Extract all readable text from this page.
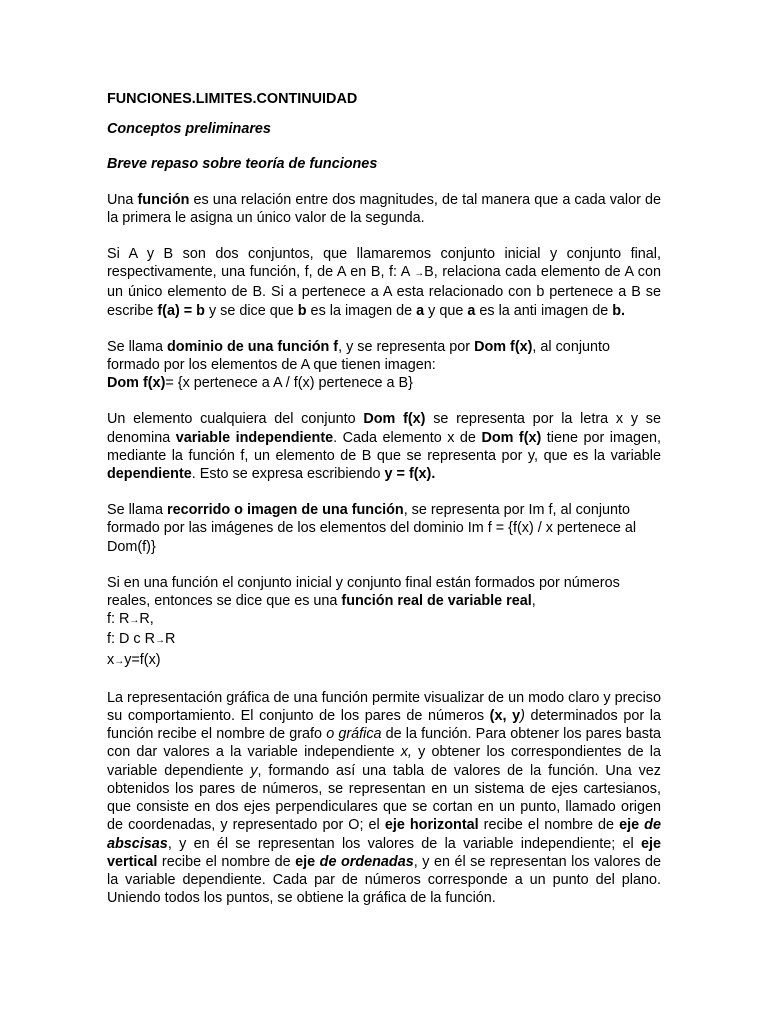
FUNCIONES.LIMITES.CONTINUIDAD
Conceptos preliminares
Breve repaso sobre teoría de funciones
Una función es una relación entre dos magnitudes, de tal manera que a cada valor de la primera le asigna un único valor de la segunda.
Si A y B son dos conjuntos, que llamaremos conjunto inicial y conjunto final, respectivamente, una función, f, de A en B, f: A →B, relaciona cada elemento de A con un único elemento de B. Si a pertenece a A esta relacionado con b pertenece a B se escribe f(a) = b y se dice que b es la imagen de a y que a es la anti imagen de b.
Se llama dominio de una función f, y se representa por Dom f(x), al conjunto formado por los elementos de A que tienen imagen:
Dom f(x)= {x pertenece a A / f(x) pertenece a B}
Un elemento cualquiera del conjunto Dom f(x) se representa por la letra x y se denomina variable independiente. Cada elemento x de Dom f(x) tiene por imagen, mediante la función f, un elemento de B que se representa por y, que es la variable dependiente. Esto se expresa escribiendo y = f(x).
Se llama recorrido o imagen de una función, se representa por Im f, al conjunto formado por las imágenes de los elementos del dominio Im f = {f(x) / x pertenece al Dom(f)}
Si en una función el conjunto inicial y conjunto final están formados por números reales, entonces se dice que es una función real de variable real,
f: R→R,
f: D c R→R
x→y=f(x)
La representación gráfica de una función permite visualizar de un modo claro y preciso su comportamiento. El conjunto de los pares de números (x, y) determinados por la función recibe el nombre de grafo o gráfica de la función. Para obtener los pares basta con dar valores a la variable independiente x, y obtener los correspondientes de la variable dependiente y, formando así una tabla de valores de la función. Una vez obtenidos los pares de números, se representan en un sistema de ejes cartesianos, que consiste en dos ejes perpendiculares que se cortan en un punto, llamado origen de coordenadas, y representado por O; el eje horizontal recibe el nombre de eje de abscisas, y en él se representan los valores de la variable independiente; el eje vertical recibe el nombre de eje de ordenadas, y en él se representan los valores de la variable dependiente. Cada par de números corresponde a un punto del plano. Uniendo todos los puntos, se obtiene la gráfica de la función.
